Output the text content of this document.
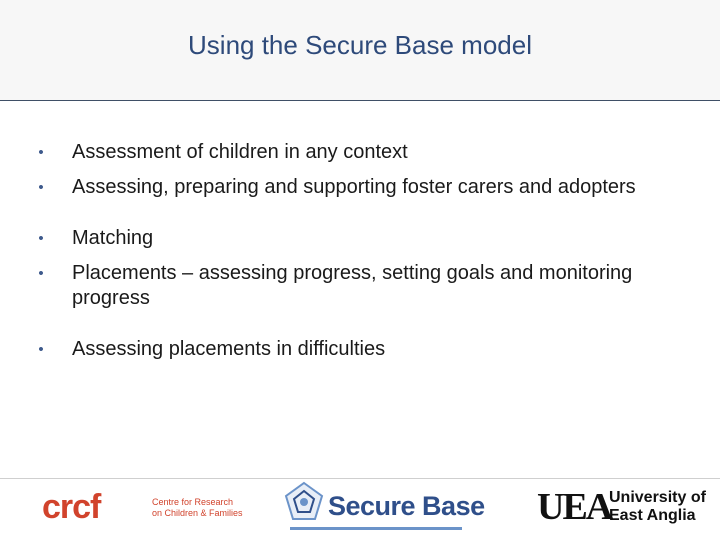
Using the Secure Base model
• Assessment of children in any context
• Assessing, preparing and supporting foster carers and adopters
• Matching
• Placements – assessing progress, setting goals and monitoring progress
• Assessing placements in difficulties
crcf	Centre for Research
on Children & Families	Secure Base UEA
University of
East Anglia
